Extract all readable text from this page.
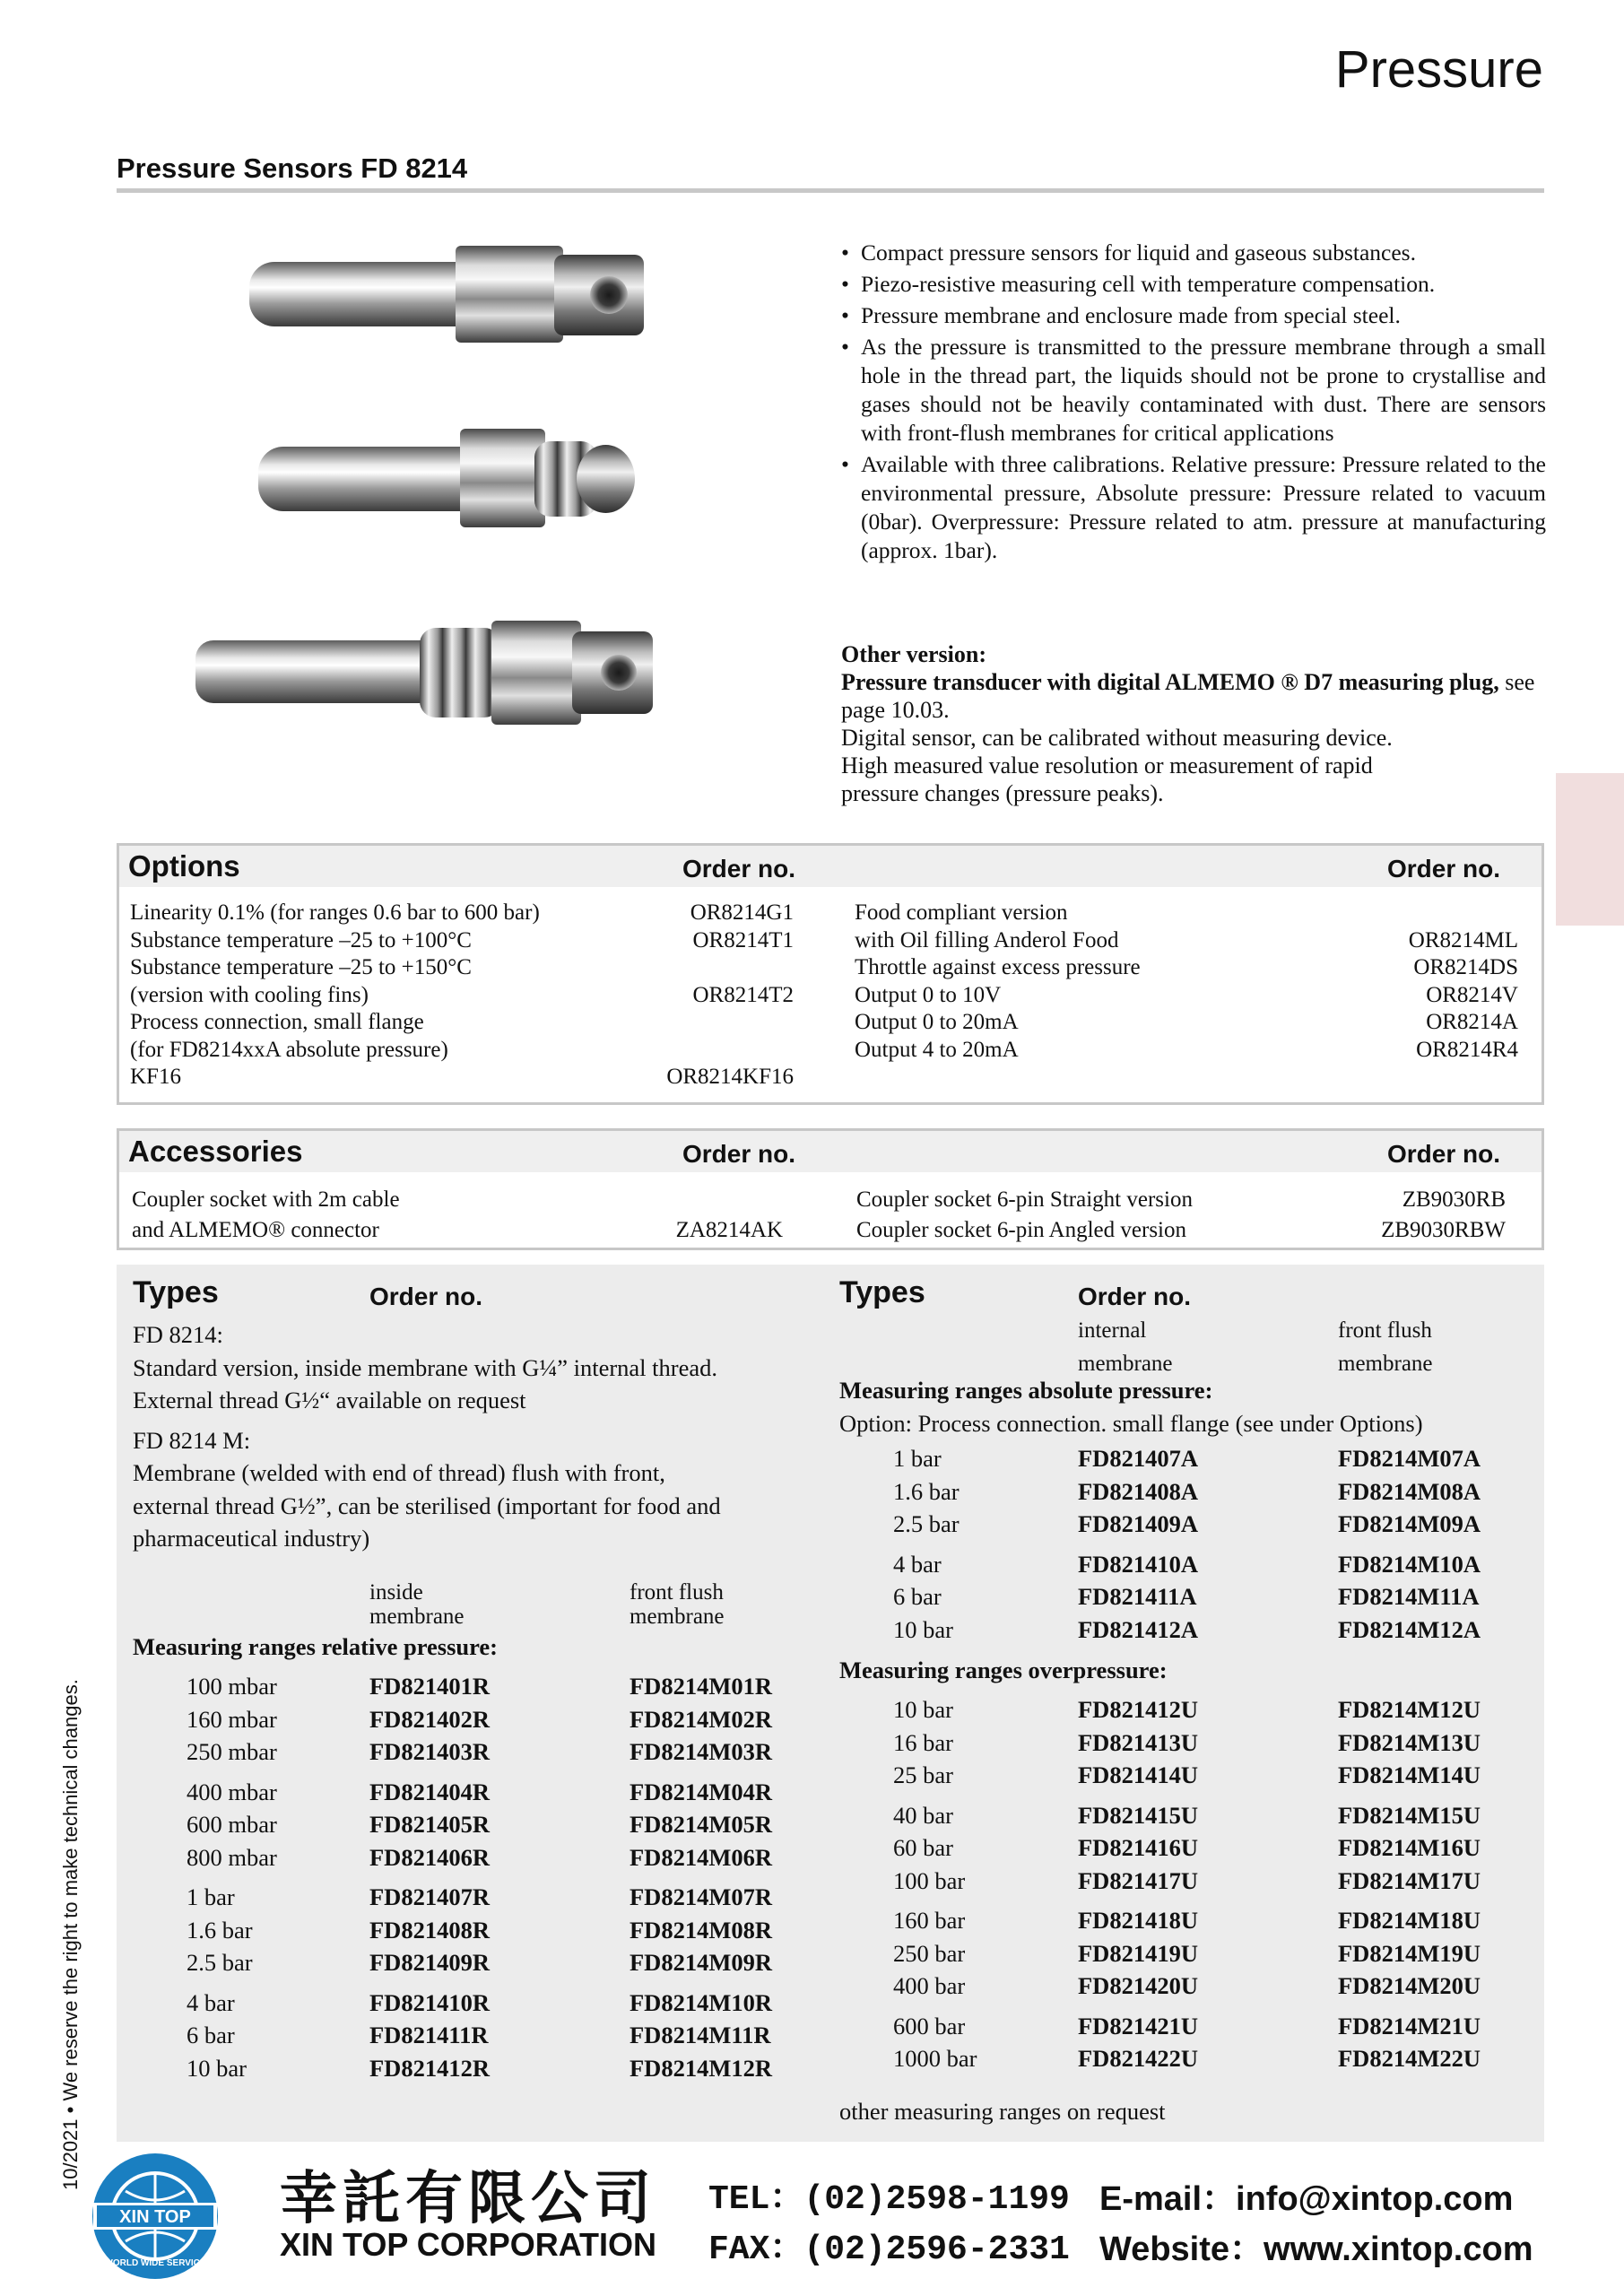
Pressure
Pressure Sensors FD 8214
• Compact pressure sensors for liquid and gaseous substances.
• Piezo-resistive measuring cell with temperature compensation.
• Pressure membrane and enclosure made from special steel.
• As the pressure is transmitted to the pressure membrane through a small hole in the thread part, the liquids should not be prone to crystallise and gases should not be heavily contaminated with dust. There are sensors with front-flush membranes for critical applications
• Available with three calibrations. Relative pressure: Pressure related to the environmental pressure, Absolute pressure: Pressure related to vacuum (0bar). Overpressure: Pressure related to atm. pressure at manufacturing (approx. 1bar).
Other version:
Pressure transducer with digital ALMEMO ® D7 measuring plug, see page 10.03.
Digital sensor, can be calibrated without measuring device.
High measured value resolution or measurement of rapid
pressure changes (pressure peaks).
Options	Order no.	Order no.
Linearity 0.1% (for ranges 0.6 bar to 600 bar)	OR8214G1
Substance temperature –25 to +100°C	OR8214T1
Substance temperature –25 to +150°C
(version with cooling fins)	OR8214T2
Process connection, small flange
(for FD8214xxA absolute pressure)
KF16	OR8214KF16
Food compliant version
with Oil filling Anderol Food	OR8214ML
Throttle against excess pressure	OR8214DS
Output 0 to 10V	OR8214V
Output 0 to 20mA	OR8214A
Output 4 to 20mA	OR8214R4
Accessories	Order no.	Order no.
Coupler socket with 2m cable
and ALMEMO® connector	ZA8214AK
Coupler socket 6-pin Straight version	ZB9030RB
Coupler socket 6-pin Angled version	ZB9030RBW
Types	Order no.
FD 8214:
Standard version, inside membrane with G¼” internal thread.
External thread G½“ available on request
FD 8214 M:
Membrane (welded with end of thread) flush with front,
external thread G½”, can be sterilised (important for food and
pharmaceutical industry)
inside
membrane
front flush
membrane
Measuring ranges relative pressure:
100 mbar	FD821401R	FD8214M01R
160 mbar	FD821402R	FD8214M02R
250 mbar	FD821403R	FD8214M03R
400 mbar	FD821404R	FD8214M04R
600 mbar	FD821405R	FD8214M05R
800 mbar	FD821406R	FD8214M06R
1 bar	FD821407R	FD8214M07R
1.6 bar	FD821408R	FD8214M08R
2.5 bar	FD821409R	FD8214M09R
4 bar	FD821410R	FD8214M10R
6 bar	FD821411R	FD8214M11R
10 bar	FD821412R	FD8214M12R
Types	Order no.
internal
membrane
front flush
membrane
Measuring ranges absolute pressure:
Option: Process connection. small flange (see under Options)
1 bar	FD821407A	FD8214M07A
1.6 bar	FD821408A	FD8214M08A
2.5 bar	FD821409A	FD8214M09A
4 bar	FD821410A	FD8214M10A
6 bar	FD821411A	FD8214M11A
10 bar	FD821412A	FD8214M12A
Measuring ranges overpressure:
10 bar	FD821412U	FD8214M12U
16 bar	FD821413U	FD8214M13U
25 bar	FD821414U	FD8214M14U
40 bar	FD821415U	FD8214M15U
60 bar	FD821416U	FD8214M16U
100 bar	FD821417U	FD8214M17U
160 bar	FD821418U	FD8214M18U
250 bar	FD821419U	FD8214M19U
400 bar	FD821420U	FD8214M20U
600 bar	FD821421U	FD8214M21U
1000 bar	FD821422U	FD8214M22U
other measuring ranges on request
10/2021 • We reserve the right to make technical changes.
XIN TOP
WORLD WIDE SERVICE
幸託有限公司
XIN TOP CORPORATION
TEL：(02)2598-1199
FAX：(02)2596-2331
E-mail：info@xintop.com
Website：www.xintop.com
